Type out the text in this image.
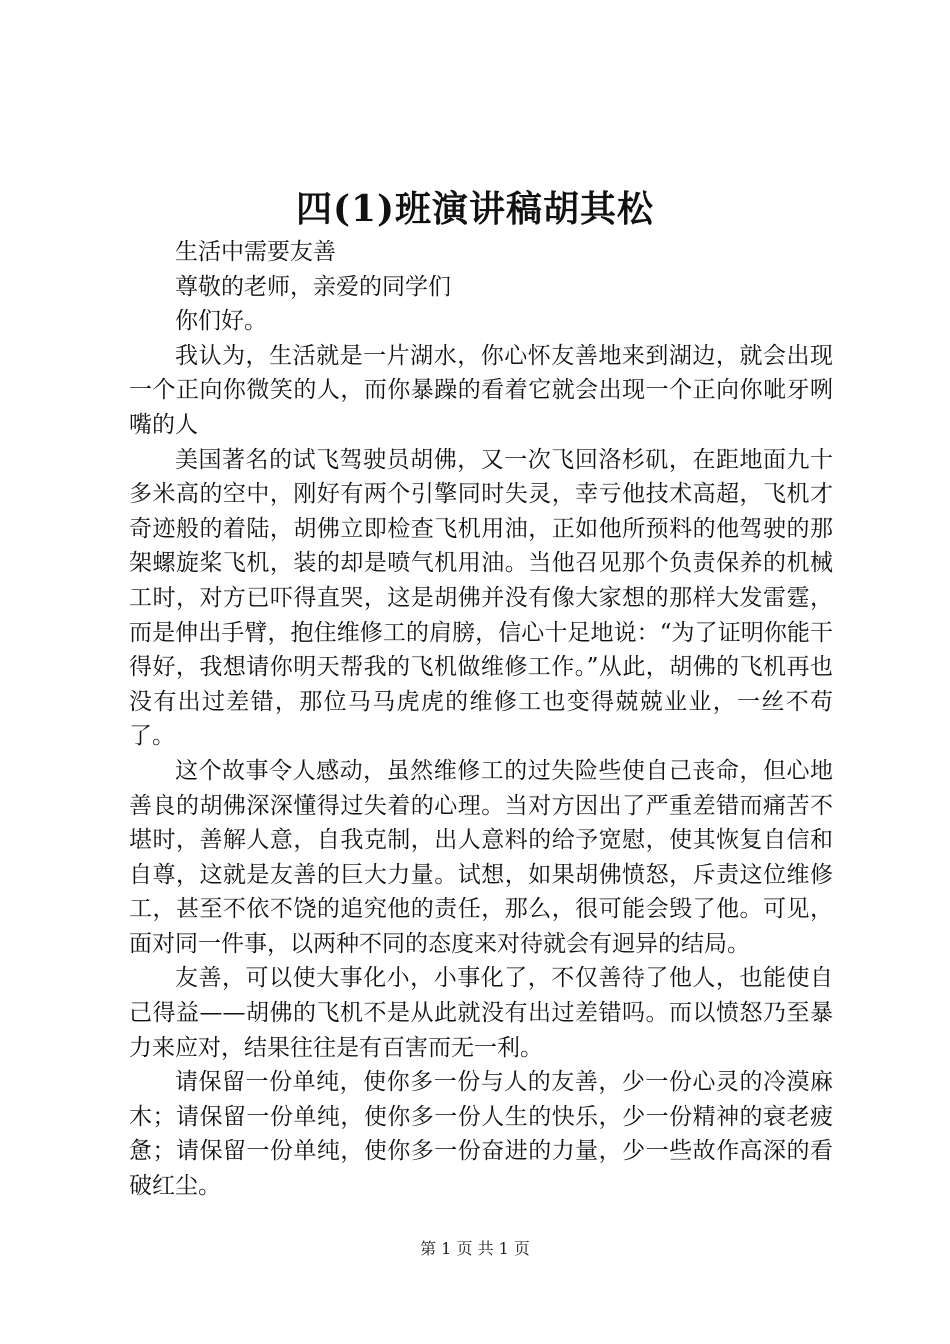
四(1)班演讲稿胡其松

生活中需要友善

尊敬的老师，亲爱的同学们

你们好。

我认为，生活就是一片湖水，你心怀友善地来到湖边，就会出现一个正向你微笑的人，而你暴躁的看着它就会出现一个正向你呲牙咧嘴的人

美国著名的试飞驾驶员胡佛，又一次飞回洛杉矶，在距地面九十多米高的空中，刚好有两个引擎同时失灵，幸亏他技术高超，飞机才奇迹般的着陆，胡佛立即检查飞机用油，正如他所预料的他驾驶的那架螺旋桨飞机，装的却是喷气机用油。当他召见那个负责保养的机械工时，对方已吓得直哭，这是胡佛并没有像大家想的那样大发雷霆，而是伸出手臂，抱住维修工的肩膀，信心十足地说：“为了证明你能干得好，我想请你明天帮我的飞机做维修工作。”从此，胡佛的飞机再也没有出过差错，那位马马虎虎的维修工也变得兢兢业业，一丝不苟了。

这个故事令人感动，虽然维修工的过失险些使自己丧命，但心地善良的胡佛深深懂得过失着的心理。当对方因出了严重差错而痛苦不堪时，善解人意，自我克制，出人意料的给予宽慰，使其恢复自信和自尊，这就是友善的巨大力量。试想，如果胡佛愤怒，斥责这位维修工，甚至不依不饶的追究他的责任，那么，很可能会毁了他。可见，面对同一件事，以两种不同的态度来对待就会有迥异的结局。

友善，可以使大事化小，小事化了，不仅善待了他人，也能使自己得益——胡佛的飞机不是从此就没有出过差错吗。而以愤怒乃至暴力来应对，结果往往是有百害而无一利。

请保留一份单纯，使你多一份与人的友善，少一份心灵的冷漠麻木；请保留一份单纯，使你多一份人生的快乐，少一份精神的衰老疲惫；请保留一份单纯，使你多一份奋进的力量，少一些故作高深的看破红尘。

第 1 页 共 1 页
